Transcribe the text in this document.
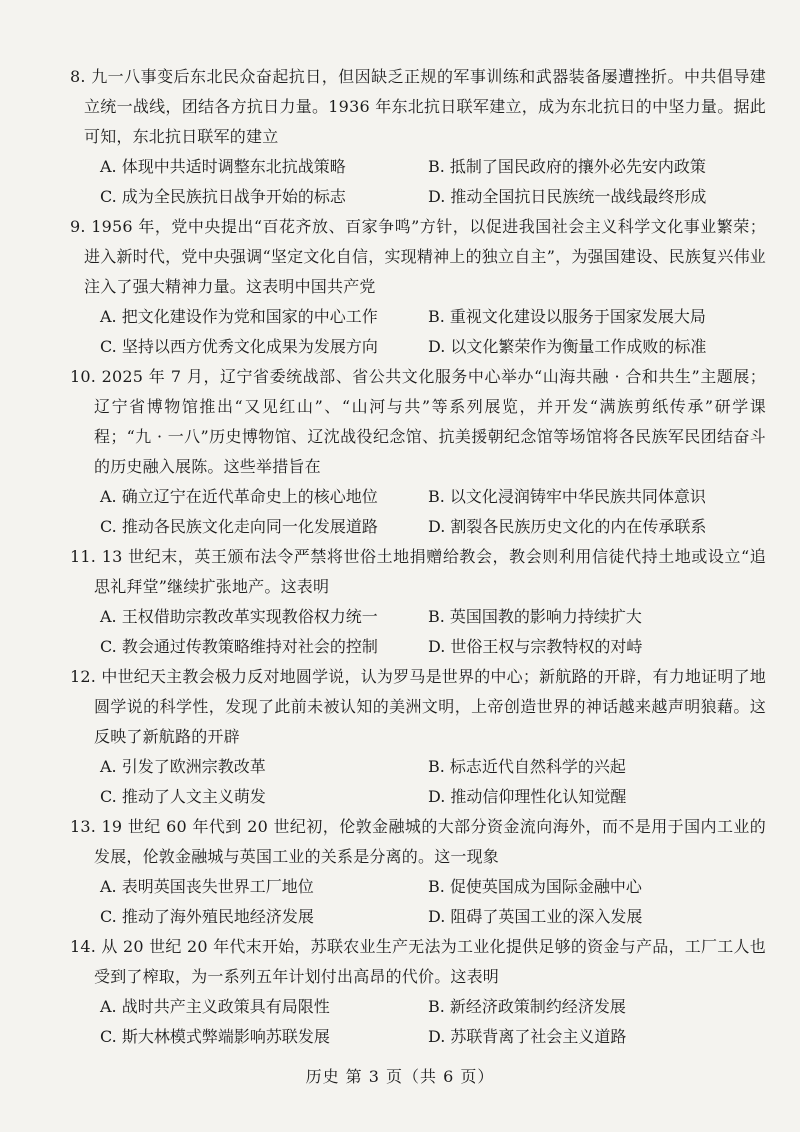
8. 九一八事变后东北民众奋起抗日，但因缺乏正规的军事训练和武器装备屡遭挫折。中共倡导建立统一战线，团结各方抗日力量。1936 年东北抗日联军建立，成为东北抗日的中坚力量。据此可知，东北抗日联军的建立
A. 体现中共适时调整东北抗战策略	B. 抵制了国民政府的攘外必先安内政策
C. 成为全民族抗日战争开始的标志	D. 推动全国抗日民族统一战线最终形成
9. 1956 年，党中央提出“百花齐放、百家争鸣”方针，以促进我国社会主义科学文化事业繁荣；进入新时代，党中央强调“坚定文化自信，实现精神上的独立自主”，为强国建设、民族复兴伟业注入了强大精神力量。这表明中国共产党
A. 把文化建设作为党和国家的中心工作	B. 重视文化建设以服务于国家发展大局
C. 坚持以西方优秀文化成果为发展方向	D. 以文化繁荣作为衡量工作成败的标准
10. 2025 年 7 月，辽宁省委统战部、省公共文化服务中心举办“山海共融 · 合和共生”主题展；辽宁省博物馆推出“又见红山”、“山河与共”等系列展览，并开发“满族剪纸传承”研学课程；“九 · 一八”历史博物馆、辽沈战役纪念馆、抗美援朝纪念馆等场馆将各民族军民团结奋斗的历史融入展陈。这些举措旨在
A. 确立辽宁在近代革命史上的核心地位	B. 以文化浸润铸牢中华民族共同体意识
C. 推动各民族文化走向同一化发展道路	D. 割裂各民族历史文化的内在传承联系
11. 13 世纪末，英王颁布法令严禁将世俗土地捐赠给教会，教会则利用信徒代持土地或设立“追思礼拜堂”继续扩张地产。这表明
A. 王权借助宗教改革实现教俗权力统一	B. 英国国教的影响力持续扩大
C. 教会通过传教策略维持对社会的控制	D. 世俗王权与宗教特权的对峙
12. 中世纪天主教会极力反对地圆学说，认为罗马是世界的中心；新航路的开辟，有力地证明了地圆学说的科学性，发现了此前未被认知的美洲文明，上帝创造世界的神话越来越声明狼藉。这反映了新航路的开辟
A. 引发了欧洲宗教改革	B. 标志近代自然科学的兴起
C. 推动了人文主义萌发	D. 推动信仰理性化认知觉醒
13. 19 世纪 60 年代到 20 世纪初，伦敦金融城的大部分资金流向海外，而不是用于国内工业的发展，伦敦金融城与英国工业的关系是分离的。这一现象
A. 表明英国丧失世界工厂地位	B. 促使英国成为国际金融中心
C. 推动了海外殖民地经济发展	D. 阻碍了英国工业的深入发展
14. 从 20 世纪 20 年代末开始，苏联农业生产无法为工业化提供足够的资金与产品，工厂工人也受到了榨取，为一系列五年计划付出高昂的代价。这表明
A. 战时共产主义政策具有局限性	B. 新经济政策制约经济发展
C. 斯大林模式弊端影响苏联发展	D. 苏联背离了社会主义道路
历史 第 3 页（共 6 页）
